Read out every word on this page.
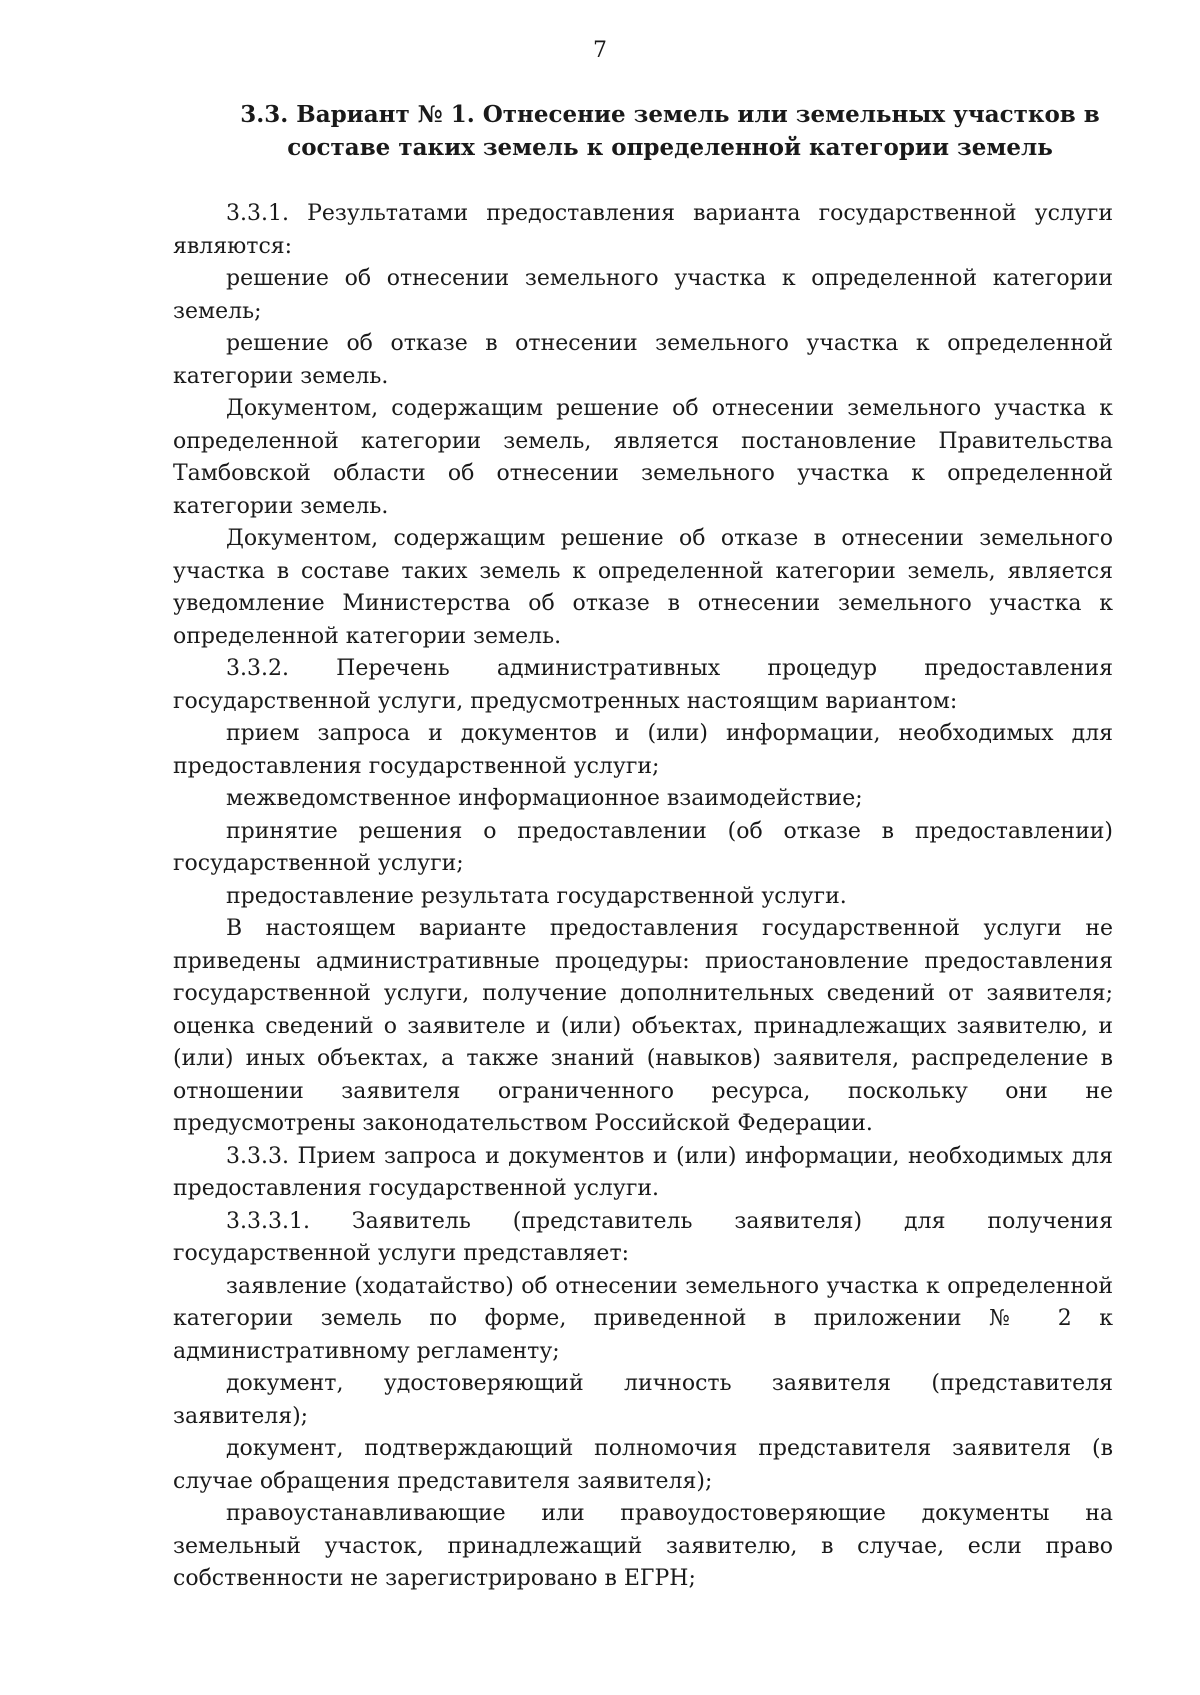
7
3.3. Вариант № 1. Отнесение земель или земельных участков в составе таких земель к определенной категории земель

3.3.1. Результатами предоставления варианта государственной услуги являются:

решение об отнесении земельного участка к определенной категории земель;

решение об отказе в отнесении земельного участка к определенной категории земель.

Документом, содержащим решение об отнесении земельного участка к определенной категории земель, является постановление Правительства Тамбовской области об отнесении земельного участка к определенной категории земель.

Документом, содержащим решение об отказе в отнесении земельного участка в составе таких земель к определенной категории земель, является уведомление Министерства об отказе в отнесении земельного участка к определенной категории земель.

3.3.2. Перечень административных процедур предоставления государственной услуги, предусмотренных настоящим вариантом:

прием запроса и документов и (или) информации, необходимых для предоставления государственной услуги;

межведомственное информационное взаимодействие;

принятие решения о предоставлении (об отказе в предоставлении) государственной услуги;

предоставление результата государственной услуги.

В настоящем варианте предоставления государственной услуги не приведены административные процедуры: приостановление предоставления государственной услуги, получение дополнительных сведений от заявителя; оценка сведений о заявителе и (или) объектах, принадлежащих заявителю, и (или) иных объектах, а также знаний (навыков) заявителя, распределение в отношении заявителя ограниченного ресурса, поскольку они не предусмотрены законодательством Российской Федерации.

3.3.3. Прием запроса и документов и (или) информации, необходимых для предоставления государственной услуги.

3.3.3.1. Заявитель (представитель заявителя) для получения государственной услуги представляет:

заявление (ходатайство) об отнесении земельного участка к определенной категории земель по форме, приведенной в приложении № 2 к административному регламенту;

документ, удостоверяющий личность заявителя (представителя заявителя);

документ, подтверждающий полномочия представителя заявителя (в случае обращения представителя заявителя);

правоустанавливающие или правоудостоверяющие документы на земельный участок, принадлежащий заявителю, в случае, если право собственности не зарегистрировано в ЕГРН;
